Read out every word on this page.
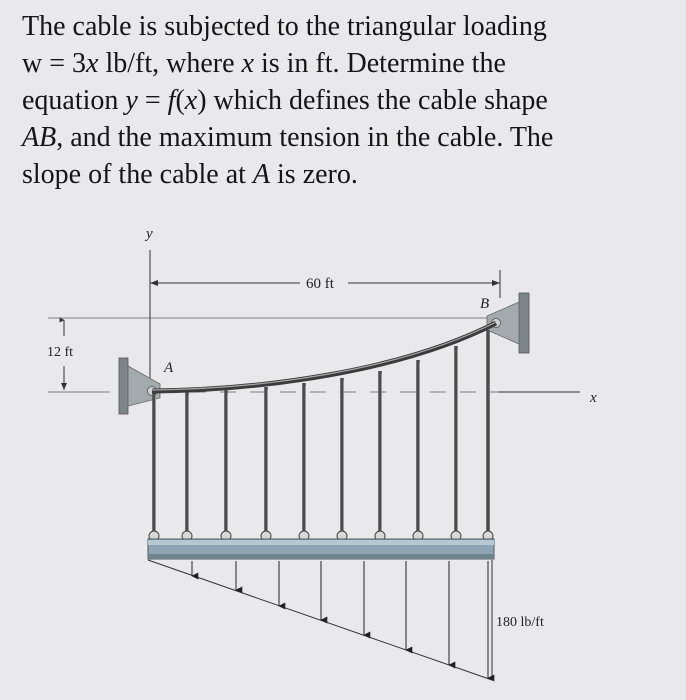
The cable is subjected to the triangular loading
w = 3x lb/ft, where x is in ft. Determine the
equation y = f(x) which defines the cable shape
AB, and the maximum tension in the cable. The
slope of the cable at A is zero.
y
x
60 ft
12 ft
A
B
180 lb/ft
